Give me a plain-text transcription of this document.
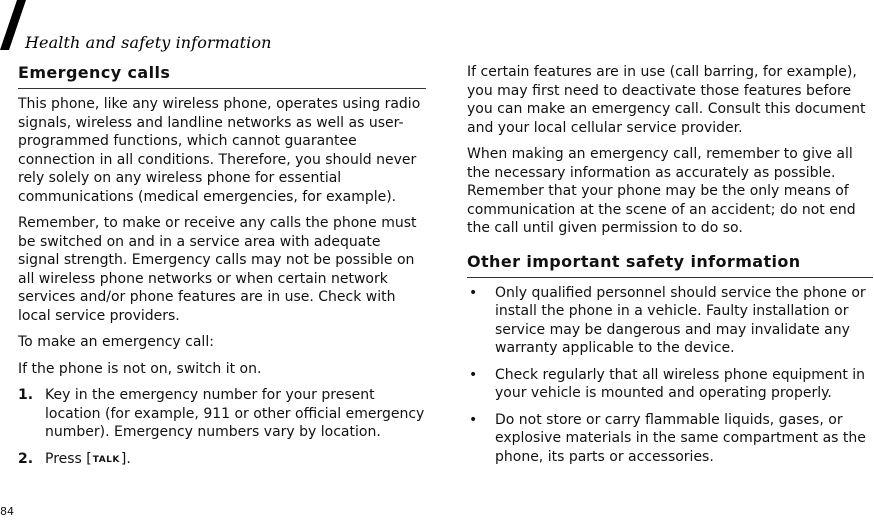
Health and safety information
Emergency calls

This phone, like any wireless phone, operates using radio signals, wireless and landline networks as well as user-programmed functions, which cannot guarantee connection in all conditions. Therefore, you should never rely solely on any wireless phone for essential communications (medical emergencies, for example).

Remember, to make or receive any calls the phone must be switched on and in a service area with adequate signal strength. Emergency calls may not be possible on all wireless phone networks or when certain network services and/or phone features are in use. Check with local service providers.

To make an emergency call:

If the phone is not on, switch it on.

1. Key in the emergency number for your present location (for example, 911 or other official emergency number). Emergency numbers vary by location.
2. Press [TALK].

If certain features are in use (call barring, for example), you may first need to deactivate those features before you can make an emergency call. Consult this document and your local cellular service provider.

When making an emergency call, remember to give all the necessary information as accurately as possible. Remember that your phone may be the only means of communication at the scene of an accident; do not end the call until given permission to do so.

Other important safety information
•	Only qualified personnel should service the phone or install the phone in a vehicle. Faulty installation or service may be dangerous and may invalidate any warranty applicable to the device.
•	Check regularly that all wireless phone equipment in your vehicle is mounted and operating properly.
•	Do not store or carry flammable liquids, gases, or explosive materials in the same compartment as the phone, its parts or accessories.
84
